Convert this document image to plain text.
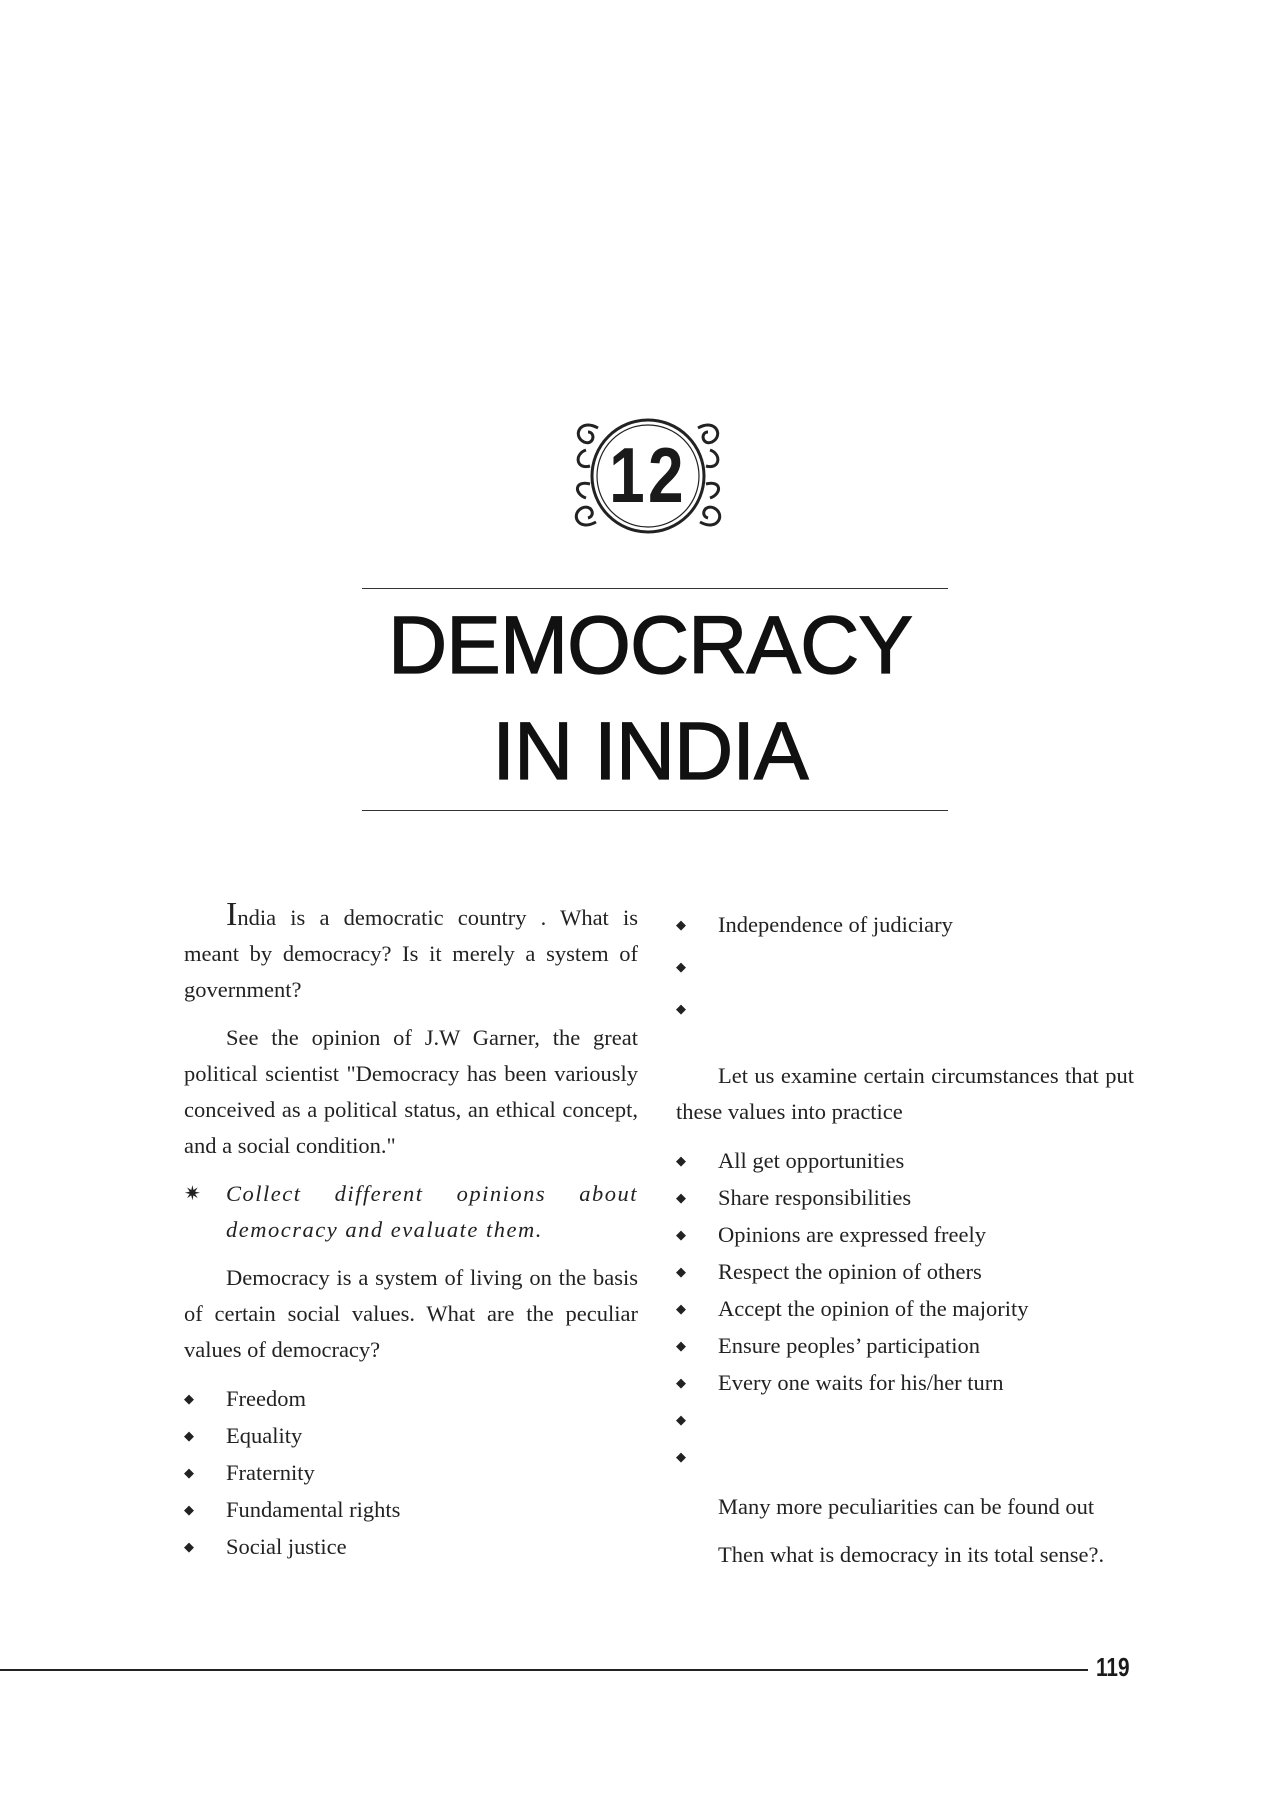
12
DEMOCRACY
IN INDIA

India is a democratic country . What is meant by democracy? Is it merely a system of government?

See the opinion of J.W Garner, the great political scientist "Democracy has been variously conceived as a political status, an ethical concept, and a social condition."

✷ Collect different opinions about democracy and evaluate them.

Democracy is a system of living on the basis of certain social values. What are the peculiar values of democracy?

◆ Freedom
◆ Equality
◆ Fraternity
◆ Fundamental rights
◆ Social justice
◆ Independence of judiciary
◆
◆

Let us examine certain circumstances that put these values into practice

◆ All get opportunities
◆ Share responsibilities
◆ Opinions are expressed freely
◆ Respect the opinion of others
◆ Accept the opinion of the majority
◆ Ensure peoples’ participation
◆ Every one waits for his/her turn
◆
◆
Many more peculiarities can be found out
Then what is democracy in its total sense?.
119
